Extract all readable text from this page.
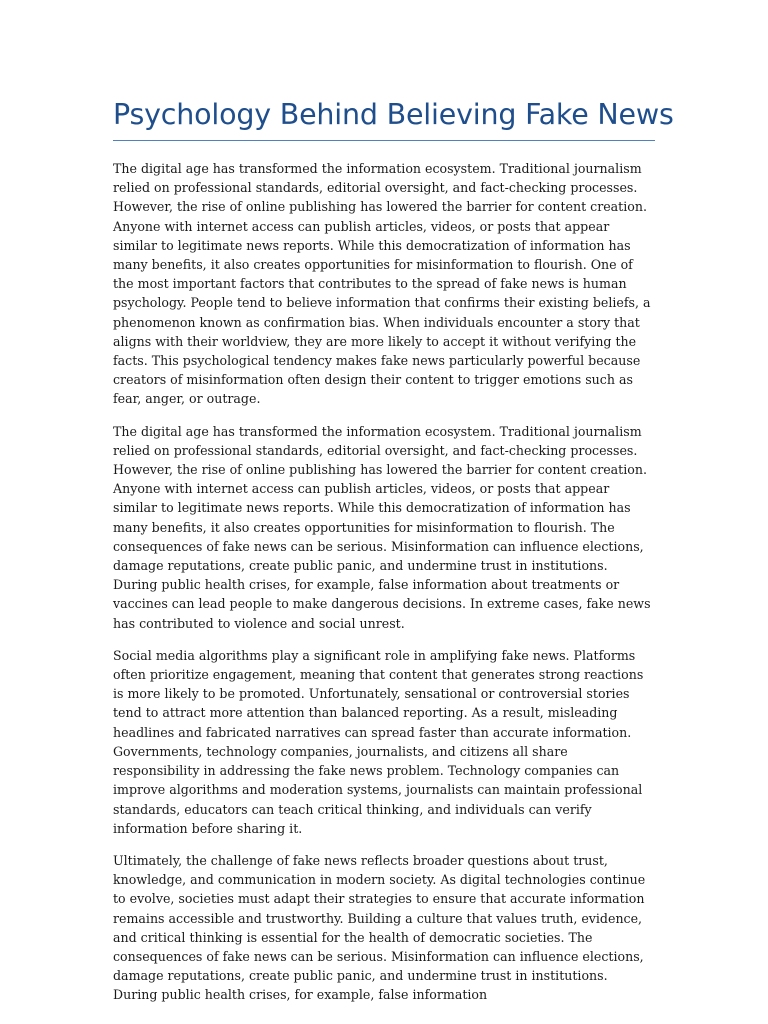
Psychology Behind Believing Fake News

The digital age has transformed the information ecosystem. Traditional journalism relied on professional standards, editorial oversight, and fact-checking processes. However, the rise of online publishing has lowered the barrier for content creation. Anyone with internet access can publish articles, videos, or posts that appear similar to legitimate news reports. While this democratization of information has many benefits, it also creates opportunities for misinformation to flourish. One of the most important factors that contributes to the spread of fake news is human psychology. People tend to believe information that confirms their existing beliefs, a phenomenon known as confirmation bias. When individuals encounter a story that aligns with their worldview, they are more likely to accept it without verifying the facts. This psychological tendency makes fake news particularly powerful because creators of misinformation often design their content to trigger emotions such as fear, anger, or outrage.

The digital age has transformed the information ecosystem. Traditional journalism relied on professional standards, editorial oversight, and fact-checking processes. However, the rise of online publishing has lowered the barrier for content creation. Anyone with internet access can publish articles, videos, or posts that appear similar to legitimate news reports. While this democratization of information has many benefits, it also creates opportunities for misinformation to flourish. The consequences of fake news can be serious. Misinformation can influence elections, damage reputations, create public panic, and undermine trust in institutions. During public health crises, for example, false information about treatments or vaccines can lead people to make dangerous decisions. In extreme cases, fake news has contributed to violence and social unrest.

Social media algorithms play a significant role in amplifying fake news. Platforms often prioritize engagement, meaning that content that generates strong reactions is more likely to be promoted. Unfortunately, sensational or controversial stories tend to attract more attention than balanced reporting. As a result, misleading headlines and fabricated narratives can spread faster than accurate information. Governments, technology companies, journalists, and citizens all share responsibility in addressing the fake news problem. Technology companies can improve algorithms and moderation systems, journalists can maintain professional standards, educators can teach critical thinking, and individuals can verify information before sharing it.

Ultimately, the challenge of fake news reflects broader questions about trust, knowledge, and communication in modern society. As digital technologies continue to evolve, societies must adapt their strategies to ensure that accurate information remains accessible and trustworthy. Building a culture that values truth, evidence, and critical thinking is essential for the health of democratic societies. The consequences of fake news can be serious. Misinformation can influence elections, damage reputations, create public panic, and undermine trust in institutions. During public health crises, for example, false information
